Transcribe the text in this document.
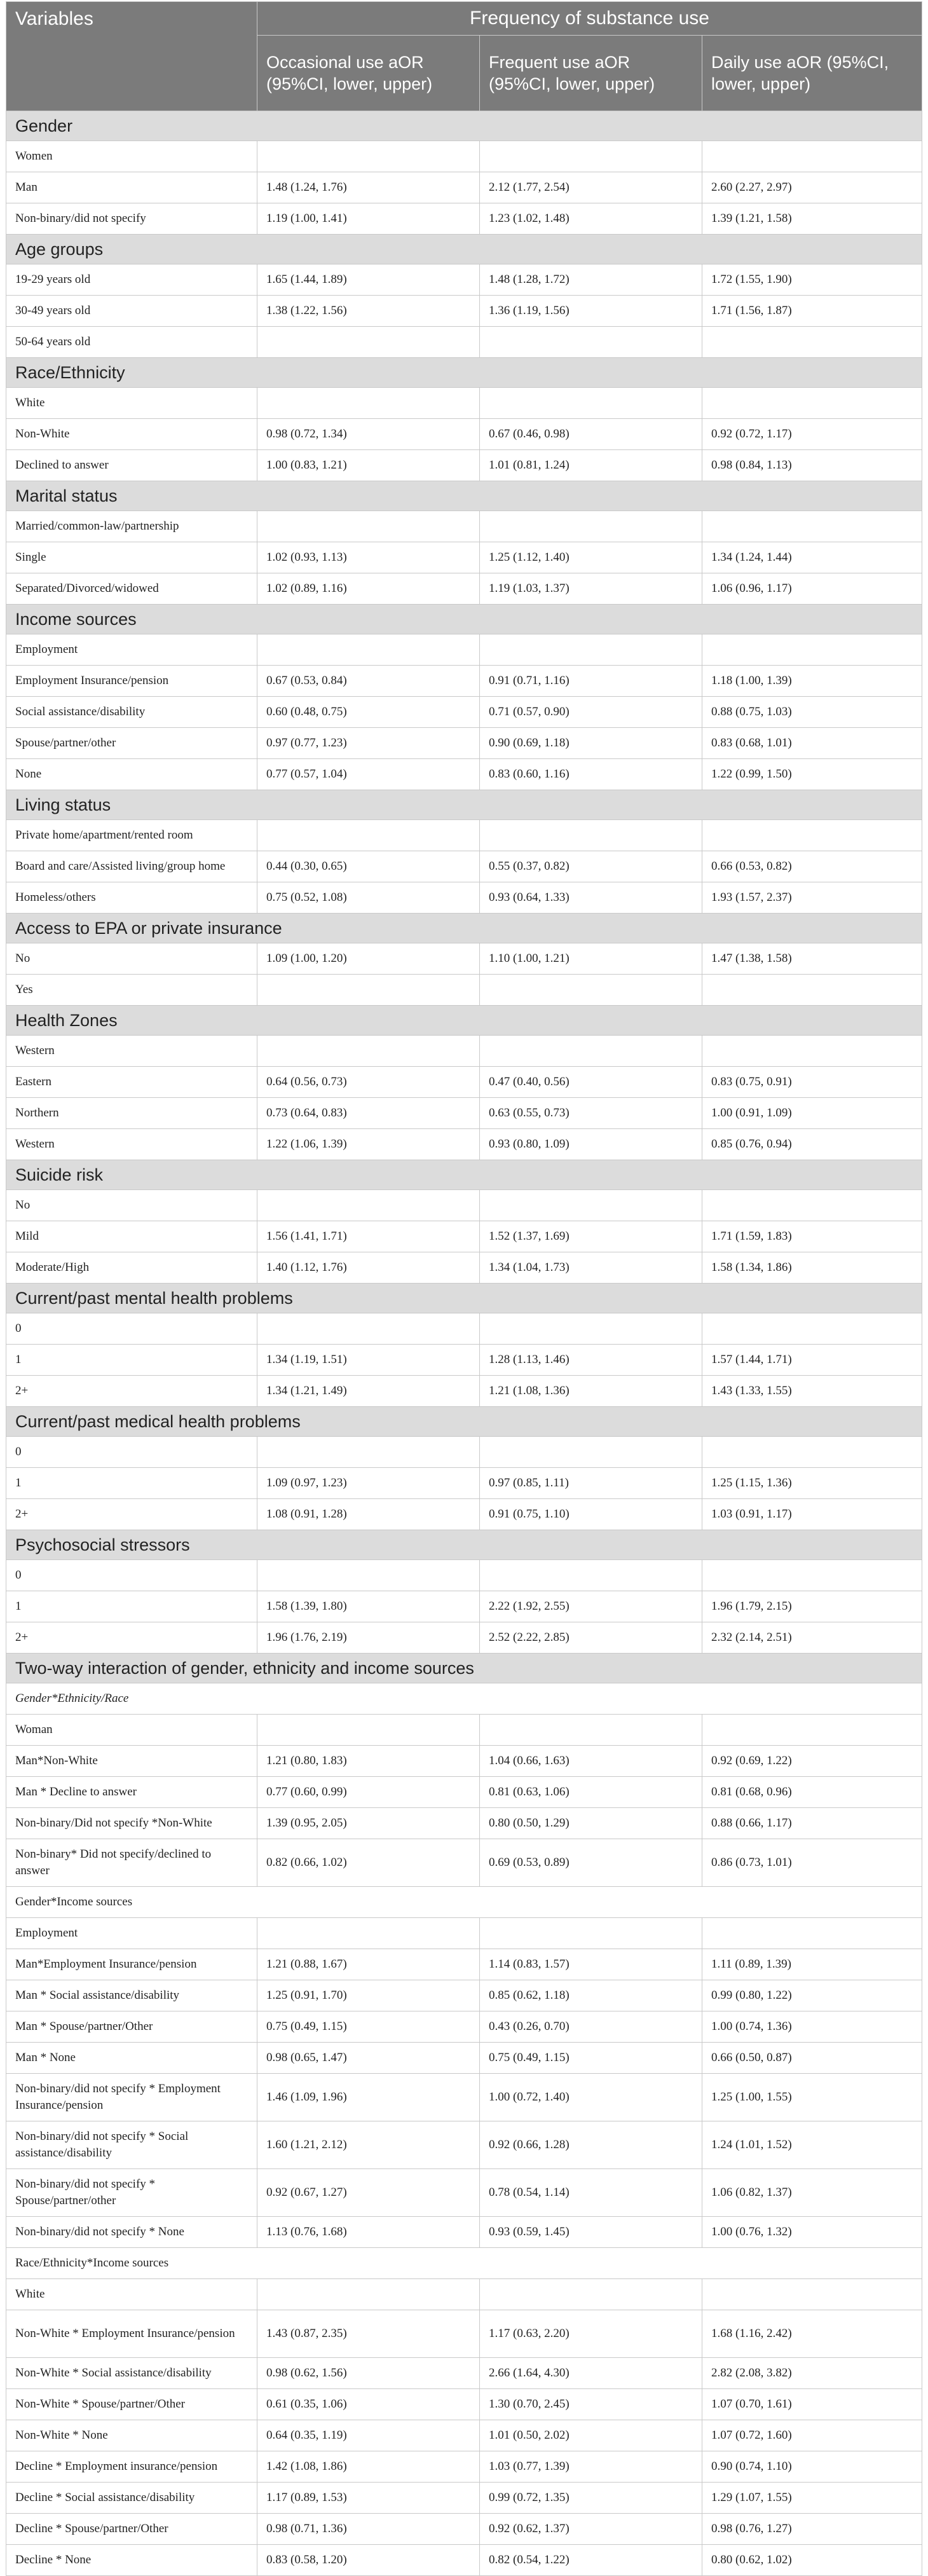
Variables	Frequency of substance use		
	Occasional use aOR (95%CI, lower, upper)	Frequent use aOR (95%CI, lower, upper)	Daily use aOR (95%CI, lower, upper)
Gender			
Women			
Man	1.48 (1.24, 1.76)	2.12 (1.77, 2.54)	2.60 (2.27, 2.97)
Non-binary/did not specify	1.19 (1.00, 1.41)	1.23 (1.02, 1.48)	1.39 (1.21, 1.58)
Age groups			
19-29 years old	1.65 (1.44, 1.89)	1.48 (1.28, 1.72)	1.72 (1.55, 1.90)
30-49 years old	1.38 (1.22, 1.56)	1.36 (1.19, 1.56)	1.71 (1.56, 1.87)
50-64 years old			
Race/Ethnicity			
White			
Non-White	0.98 (0.72, 1.34)	0.67 (0.46, 0.98)	0.92 (0.72, 1.17)
Declined to answer	1.00 (0.83, 1.21)	1.01 (0.81, 1.24)	0.98 (0.84, 1.13)
Marital status			
Married/common-law/partnership			
Single	1.02 (0.93, 1.13)	1.25 (1.12, 1.40)	1.34 (1.24, 1.44)
Separated/Divorced/widowed	1.02 (0.89, 1.16)	1.19 (1.03, 1.37)	1.06 (0.96, 1.17)
Income sources			
Employment			
Employment Insurance/pension	0.67 (0.53, 0.84)	0.91 (0.71, 1.16)	1.18 (1.00, 1.39)
Social assistance/disability	0.60 (0.48, 0.75)	0.71 (0.57, 0.90)	0.88 (0.75, 1.03)
Spouse/partner/other	0.97 (0.77, 1.23)	0.90 (0.69, 1.18)	0.83 (0.68, 1.01)
None	0.77 (0.57, 1.04)	0.83 (0.60, 1.16)	1.22 (0.99, 1.50)
Living status			
Private home/apartment/rented room			
Board and care/Assisted living/group home	0.44 (0.30, 0.65)	0.55 (0.37, 0.82)	0.66 (0.53, 0.82)
Homeless/others	0.75 (0.52, 1.08)	0.93 (0.64, 1.33)	1.93 (1.57, 2.37)
Access to EPA or private insurance			
No	1.09 (1.00, 1.20)	1.10 (1.00, 1.21)	1.47 (1.38, 1.58)
Yes			
Health Zones			
Western			
Eastern	0.64 (0.56, 0.73)	0.47 (0.40, 0.56)	0.83 (0.75, 0.91)
Northern	0.73 (0.64, 0.83)	0.63 (0.55, 0.73)	1.00 (0.91, 1.09)
Western	1.22 (1.06, 1.39)	0.93 (0.80, 1.09)	0.85 (0.76, 0.94)
Suicide risk			
No			
Mild	1.56 (1.41, 1.71)	1.52 (1.37, 1.69)	1.71 (1.59, 1.83)
Moderate/High	1.40 (1.12, 1.76)	1.34 (1.04, 1.73)	1.58 (1.34, 1.86)
Current/past mental health problems			
0			
1	1.34 (1.19, 1.51)	1.28 (1.13, 1.46)	1.57 (1.44, 1.71)
2+	1.34 (1.21, 1.49)	1.21 (1.08, 1.36)	1.43 (1.33, 1.55)
Current/past medical health problems			
0			
1	1.09 (0.97, 1.23)	0.97 (0.85, 1.11)	1.25 (1.15, 1.36)
2+	1.08 (0.91, 1.28)	0.91 (0.75, 1.10)	1.03 (0.91, 1.17)
Psychosocial stressors			
0			
1	1.58 (1.39, 1.80)	2.22 (1.92, 2.55)	1.96 (1.79, 2.15)
2+	1.96 (1.76, 2.19)	2.52 (2.22, 2.85)	2.32 (2.14, 2.51)
Two-way interaction of gender, ethnicity and income sources			
Gender*Ethnicity/Race			
Woman			
Man*Non-White	1.21 (0.80, 1.83)	1.04 (0.66, 1.63)	0.92 (0.69, 1.22)
Man * Decline to answer	0.77 (0.60, 0.99)	0.81 (0.63, 1.06)	0.81 (0.68, 0.96)
Non-binary/Did not specify *Non-White	1.39 (0.95, 2.05)	0.80 (0.50, 1.29)	0.88 (0.66, 1.17)
Non-binary* Did not specify/declined to answer	0.82 (0.66, 1.02)	0.69 (0.53, 0.89)	0.86 (0.73, 1.01)
Gender*Income sources			
Employment			
Man*Employment Insurance/pension	1.21 (0.88, 1.67)	1.14 (0.83, 1.57)	1.11 (0.89, 1.39)
Man * Social assistance/disability	1.25 (0.91, 1.70)	0.85 (0.62, 1.18)	0.99 (0.80, 1.22)
Man * Spouse/partner/Other	0.75 (0.49, 1.15)	0.43 (0.26, 0.70)	1.00 (0.74, 1.36)
Man * None	0.98 (0.65, 1.47)	0.75 (0.49, 1.15)	0.66 (0.50, 0.87)
Non-binary/did not specify * Employment Insurance/pension	1.46 (1.09, 1.96)	1.00 (0.72, 1.40)	1.25 (1.00, 1.55)
Non-binary/did not specify * Social assistance/disability	1.60 (1.21, 2.12)	0.92 (0.66, 1.28)	1.24 (1.01, 1.52)
Non-binary/did not specify * Spouse/partner/other	0.92 (0.67, 1.27)	0.78 (0.54, 1.14)	1.06 (0.82, 1.37)
Non-binary/did not specify * None	1.13 (0.76, 1.68)	0.93 (0.59, 1.45)	1.00 (0.76, 1.32)
Race/Ethnicity*Income sources			
White			
Non-White * Employment Insurance/pension	1.43 (0.87, 2.35)	1.17 (0.63, 2.20)	1.68 (1.16, 2.42)
Non-White * Social assistance/disability	0.98 (0.62, 1.56)	2.66 (1.64, 4.30)	2.82 (2.08, 3.82)
Non-White * Spouse/partner/Other	0.61 (0.35, 1.06)	1.30 (0.70, 2.45)	1.07 (0.70, 1.61)
Non-White * None	0.64 (0.35, 1.19)	1.01 (0.50, 2.02)	1.07 (0.72, 1.60)
Decline * Employment insurance/pension	1.42 (1.08, 1.86)	1.03 (0.77, 1.39)	0.90 (0.74, 1.10)
Decline * Social assistance/disability	1.17 (0.89, 1.53)	0.99 (0.72, 1.35)	1.29 (1.07, 1.55)
Decline * Spouse/partner/Other	0.98 (0.71, 1.36)	0.92 (0.62, 1.37)	0.98 (0.76, 1.27)
Decline * None	0.83 (0.58, 1.20)	0.82 (0.54, 1.22)	0.80 (0.62, 1.02)
